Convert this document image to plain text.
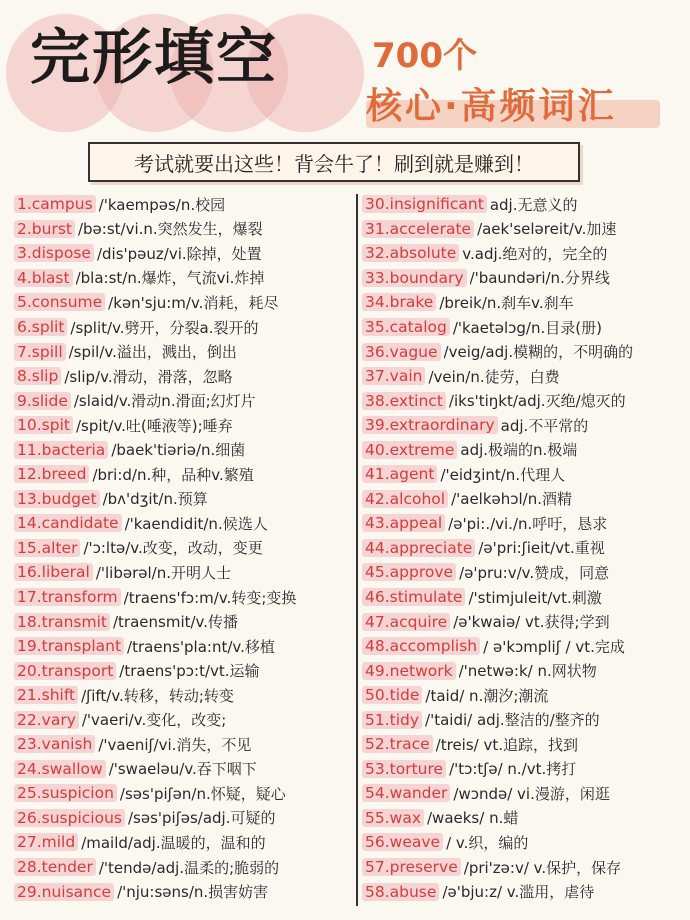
完形填空	700个
核心·高频词汇
考试就要出这些！背会牛了！刷到就是赚到！
1.campus /'kaempəs/n.校园
2.burst /bə:st/vi.n.突然发生，爆裂
3.dispose /dis'pəuz/vi.除掉，处置
4.blast /bla:st/n.爆炸，气流vi.炸掉
5.consume /kən'sju:m/v.消耗，耗尽
6.split /split/v.劈开，分裂a.裂开的
7.spill /spil/v.溢出，溅出，倒出
8.slip /slip/v.滑动，滑落，忽略
9.slide /slaid/v.滑动n.滑面;幻灯片
10.spit /spit/v.吐(唾液等);唾弃
11.bacteria /baek'tiəriə/n.细菌
12.breed /bri:d/n.种，品种v.繁殖
13.budget /bʌ'dʒit/n.预算
14.candidate /'kaendidit/n.候选人
15.alter /'ɔ:ltə/v.改变，改动，变更
16.liberal /'libərəl/n.开明人士
17.transform /traens'fɔ:m/v.转变;变换
18.transmit /traensmit/v.传播
19.transplant /traens'pla:nt/v.移植
20.transport /traens'pɔ:t/vt.运输
21.shift /ʃift/v.转移，转动;转变
22.vary /'vaeri/v.变化，改变;
23.vanish /'vaeniʃ/vi.消失，不见
24.swallow /'swaeləu/v.吞下咽下
25.suspicion /səs'piʃən/n.怀疑，疑心
26.suspicious /səs'piʃəs/adj.可疑的
27.mild /maild/adj.温暖的，温和的
28.tender /'tendə/adj.温柔的;脆弱的
29.nuisance /'nju:səns/n.损害妨害
30.insignificant adj.无意义的
31.accelerate /aek'seləreit/v.加速
32.absolute v.adj.绝对的，完全的
33.boundary /'baundəri/n.分界线
34.brake /breik/n.刹车v.刹车
35.catalog /'kaetəlɔg/n.目录(册)
36.vague /veig/adj.模糊的，不明确的
37.vain /vein/n.徒劳，白费
38.extinct /iks'tiŋkt/adj.灭绝/熄灭的
39.extraordinary adj.不平常的
40.extreme adj.极端的n.极端
41.agent /'eidʒint/n.代理人
42.alcohol /'aelkəhɔl/n.酒精
43.appeal /ə'pi:./vi./n.呼吁，恳求
44.appreciate /ə'pri:ʃieit/vt.重视
45.approve /ə'pru:v/v.赞成，同意
46.stimulate /'stimjuleit/vt.刺激
47.acquire /ə'kwaiə/ vt.获得;学到
48.accomplish / ə'kɔmpliʃ / vt.完成
49.network /'netwə:k/ n.网状物
50.tide /taid/ n.潮汐;潮流
51.tidy /'taidi/ adj.整洁的/整齐的
52.trace /treis/ vt.追踪，找到
53.torture /'tɔ:tʃə/ n./vt.拷打
54.wander /wɔndə/ vi.漫游，闲逛
55.wax /waeks/ n.蜡
56.weave / v.织，编的
57.preserve /pri'zə:v/ v.保护，保存
58.abuse /ə'bju:z/ v.滥用，虐待
